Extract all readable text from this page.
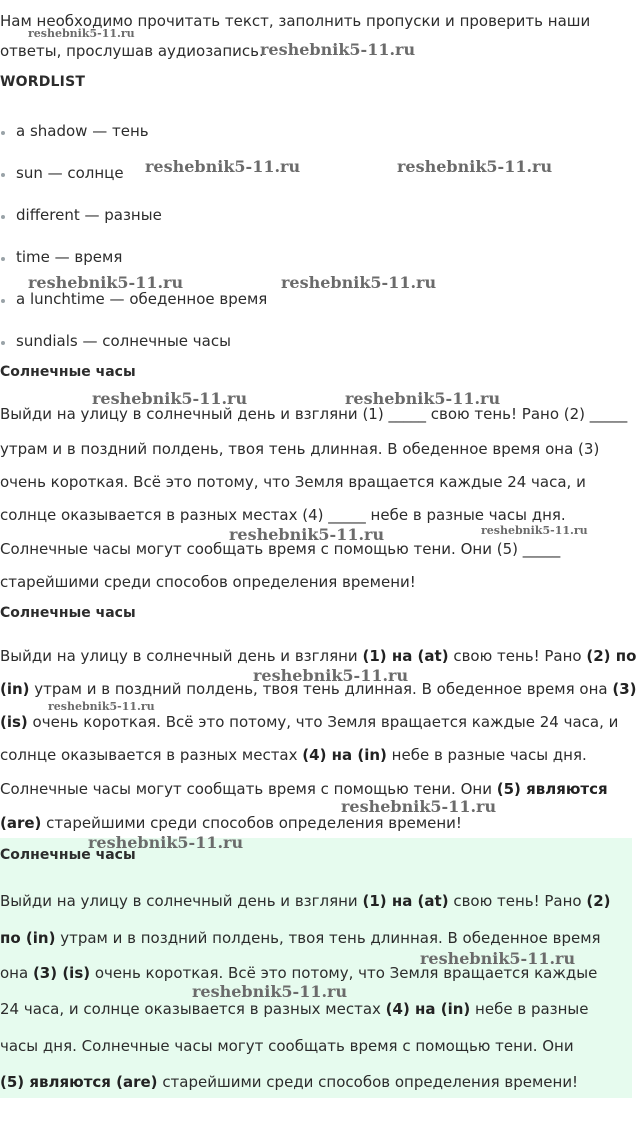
Нам необходимо прочитать текст, заполнить пропуски и проверить наши
ответы, прослушав аудиозапись.
WORDLIST
a shadow — тень
sun — солнце
different — разные
time — время
a lunchtime — обеденное время
sundials — солнечные часы
Солнечные часы
Выйди на улицу в солнечный день и взгляни (1) _____ свою тень! Рано (2) _____
утрам и в поздний полдень, твоя тень длинная. В обеденное время она (3)
очень короткая. Всё это потому, что Земля вращается каждые 24 часа, и
солнце оказывается в разных местах (4) _____ небе в разные часы дня.
Солнечные часы могут сообщать время с помощью тени. Они (5) _____
старейшими среди способов определения времени!
Солнечные часы
Выйди на улицу в солнечный день и взгляни (1) на (at) свою тень! Рано (2) по
(in) утрам и в поздний полдень, твоя тень длинная. В обеденное время она (3)
(is) очень короткая. Всё это потому, что Земля вращается каждые 24 часа, и
солнце оказывается в разных местах (4) на (in) небе в разные часы дня.
Солнечные часы могут сообщать время с помощью тени. Они (5) являются
(are) старейшими среди способов определения времени!
Солнечные часы
Выйди на улицу в солнечный день и взгляни (1) на (at) свою тень! Рано (2)
по (in) утрам и в поздний полдень, твоя тень длинная. В обеденное время
она (3) (is) очень короткая. Всё это потому, что Земля вращается каждые
24 часа, и солнце оказывается в разных местах (4) на (in) небе в разные
часы дня. Солнечные часы могут сообщать время с помощью тени. Они
(5) являются (are) старейшими среди способов определения времени!
reshebnik5-11.ru
reshebnik5-11.ru
reshebnik5-11.ru	reshebnik5-11.ru
reshebnik5-11.ru	reshebnik5-11.ru
reshebnik5-11.ru	reshebnik5-11.ru
reshebnik5-11.ru	reshebnik5-11.ru
reshebnik5-11.ru
reshebnik5-11.ru
reshebnik5-11.ru
reshebnik5-11.ru
reshebnik5-11.ru
reshebnik5-11.ru
